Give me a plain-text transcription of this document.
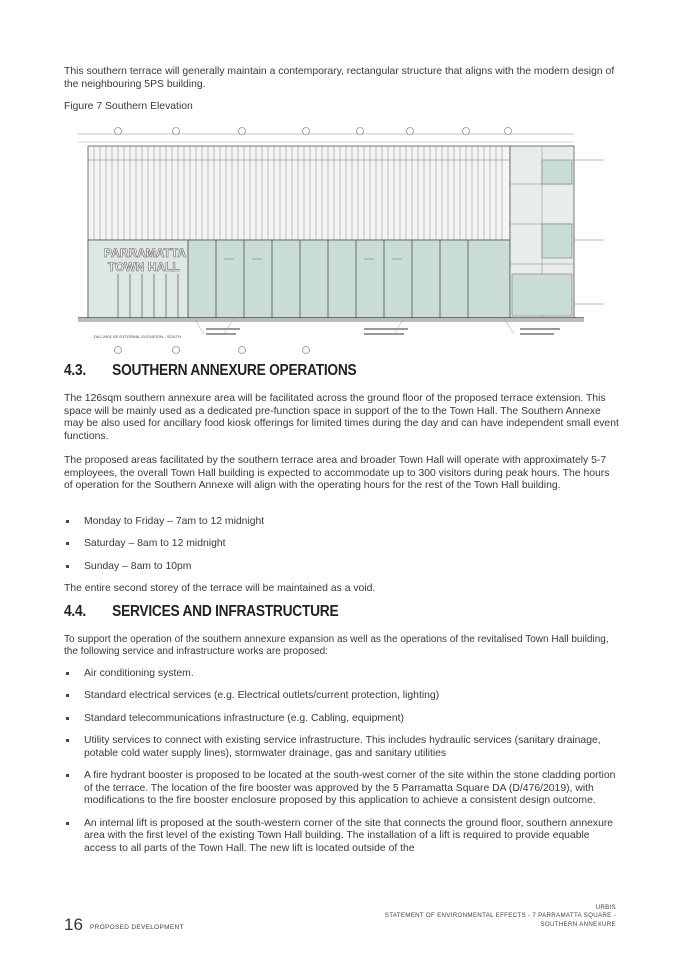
This southern terrace will generally maintain a contemporary, rectangular structure that aligns with the modern design of the neighbouring 5PS building.

Figure 7 Southern Elevation

PARRAMATTA
TOWN HALL
DAJ-2001 SE EXTERNAL ELEVATION - SOUTH
4.3. SOUTHERN ANNEXURE OPERATIONS

The 126sqm southern annexure area will be facilitated across the ground floor of the proposed terrace extension. This space will be mainly used as a dedicated pre-function space in support of the to the Town Hall. The Southern Annexe may be also used for ancillary food kiosk offerings for limited times during the day and can have independent small event functions.

The proposed areas facilitated by the southern terrace area and broader Town Hall will operate with approximately 5-7 employees, the overall Town Hall building is expected to accommodate up to 300 visitors during peak hours. The hours of operation for the Southern Annexe will align with the operating hours for the rest of the Town Hall building.

Monday to Friday – 7am to 12 midnight
Saturday – 8am to 12 midnight
Sunday – 8am to 10pm

The entire second storey of the terrace will be maintained as a void.

4.4. SERVICES AND INFRASTRUCTURE

To support the operation of the southern annexure expansion as well as the operations of the revitalised Town Hall building, the following service and infrastructure works are proposed:

Air conditioning system.
Standard electrical services (e.g. Electrical outlets/current protection, lighting)
Standard telecommunications infrastructure (e.g. Cabling, equipment)
Utility services to connect with existing service infrastructure. This includes hydraulic services (sanitary drainage, potable cold water supply lines), stormwater drainage, gas and sanitary utilities
A fire hydrant booster is proposed to be located at the south-west corner of the site within the stone cladding portion of the terrace. The location of the fire booster was approved by the 5 Parramatta Square DA (D/476/2019), with modifications to the fire booster enclosure proposed by this application to achieve a consistent design outcome.
An internal lift is proposed at the south-western corner of the site that connects the ground floor, southern annexure area with the first level of the existing Town Hall building. The installation of a lift is required to provide equable access to all parts of the Town Hall. The new lift is located outside of the
16 PROPOSED DEVELOPMENT
URBIS
STATEMENT OF ENVIRONMENTAL EFFECTS - 7 PARRAMATTA SQUARE -
SOUTHERN ANNEXURE
